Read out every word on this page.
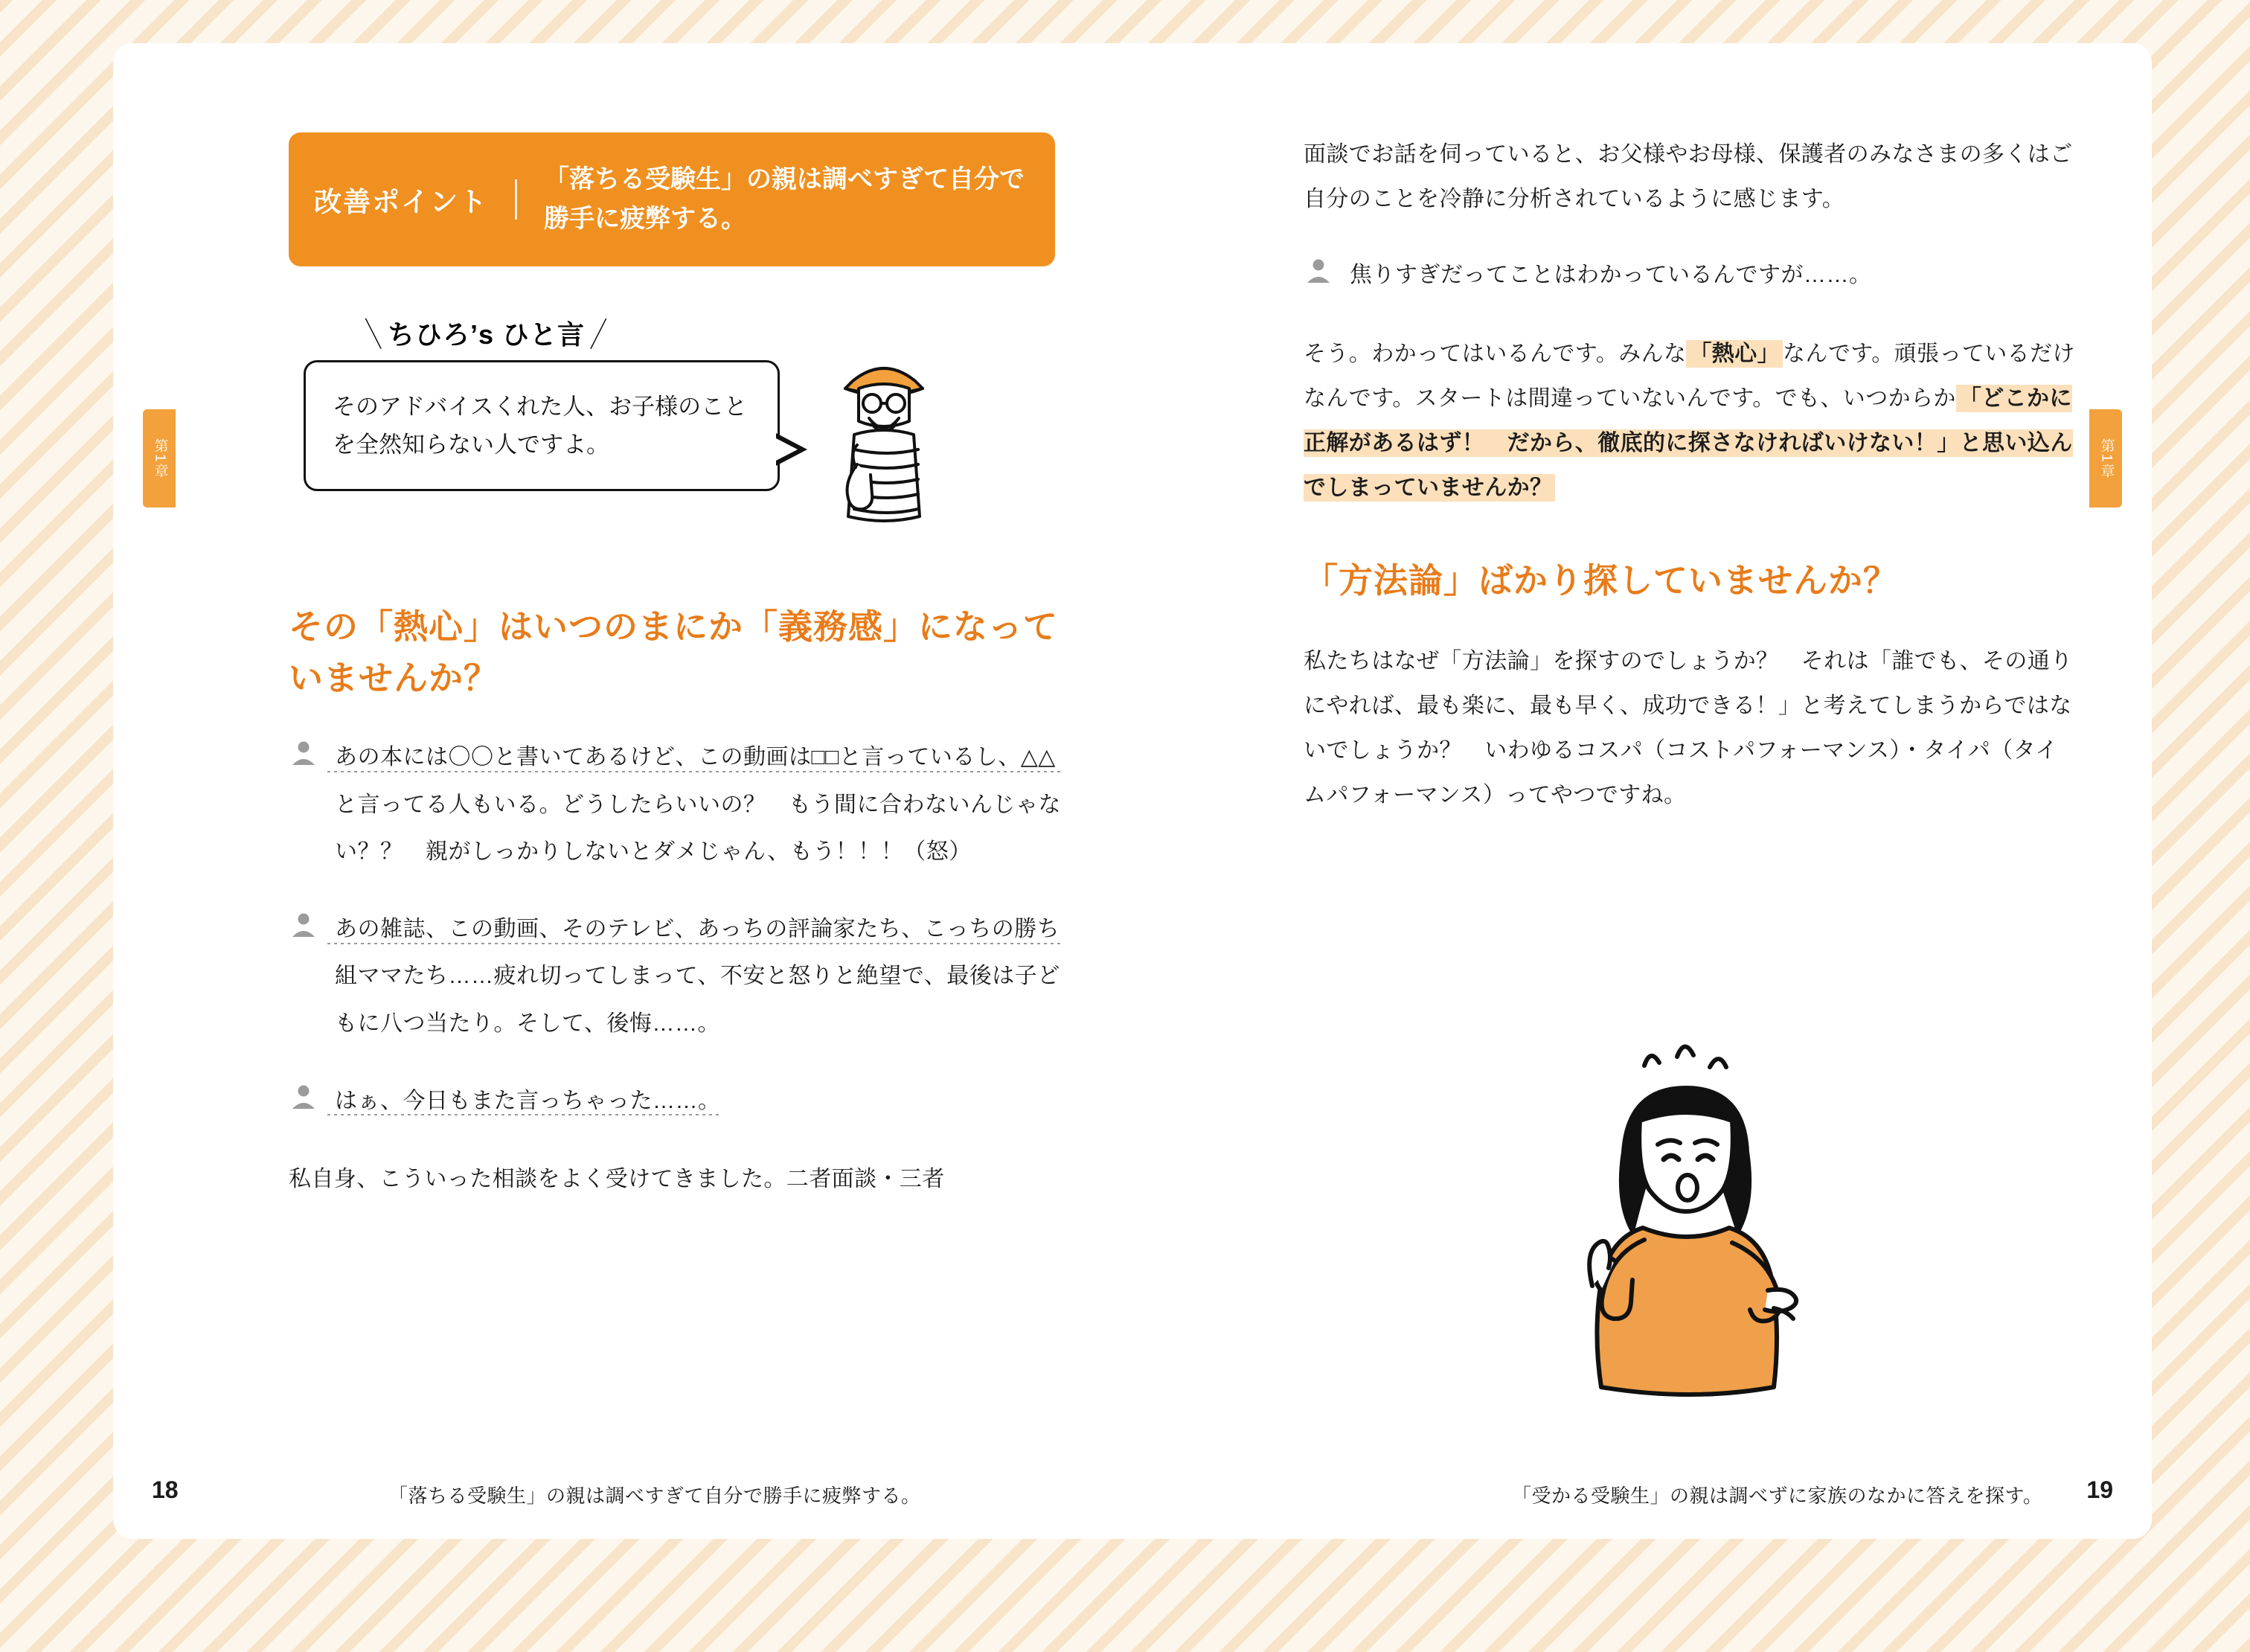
第1章	第1章
改善ポイント
「落ちる受験生」の親は調べすぎて自分で勝手に疲弊する。
＼ちひろ’s ひと言／
そのアドバイスくれた人、お子様のことを全然知らない人ですよ。
その「熱心」はいつのまにか「義務感」になっていませんか？
あの本には〇〇と書いてあるけど、この動画は□□と言っているし、△△と言ってる人もいる。どうしたらいいの？　もう間に合わないんじゃない？？　親がしっかりしないとダメじゃん、もう！！！（怒）
あの雑誌、この動画、そのテレビ、あっちの評論家たち、こっちの勝ち組ママたち……疲れ切ってしまって、不安と怒りと絶望で、最後は子どもに八つ当たり。そして、後悔……。
はぁ、今日もまた言っちゃった……。

私自身、こういった相談をよく受けてきました。二者面談・三者

面談でお話を伺っていると、お父様やお母様、保護者のみなさまの多くはご自分のことを冷静に分析されているように感じます。

焦りすぎだってことはわかっているんですが……。

そう。わかってはいるんです。みんな 「熱心」 なんです。頑張っているだけなんです。スタートは間違っていないんです。でも、いつからか 「どこかに正解があるはず！　だから、徹底的に探さなければいけない！」と思い込んでしまっていませんか？

「方法論」ばかり探していませんか？

私たちはなぜ「方法論」を探すのでしょうか？　それは「誰でも、その通りにやれば、最も楽に、最も早く、成功できる！」と考えてしまうからではないでしょうか？　いわゆるコスパ（コストパフォーマンス）・タイパ（タイムパフォーマンス）ってやつですね。

18	「落ちる受験生」の親は調べすぎて自分で勝手に疲弊する。	「受かる受験生」の親は調べずに家族のなかに答えを探す。 19
